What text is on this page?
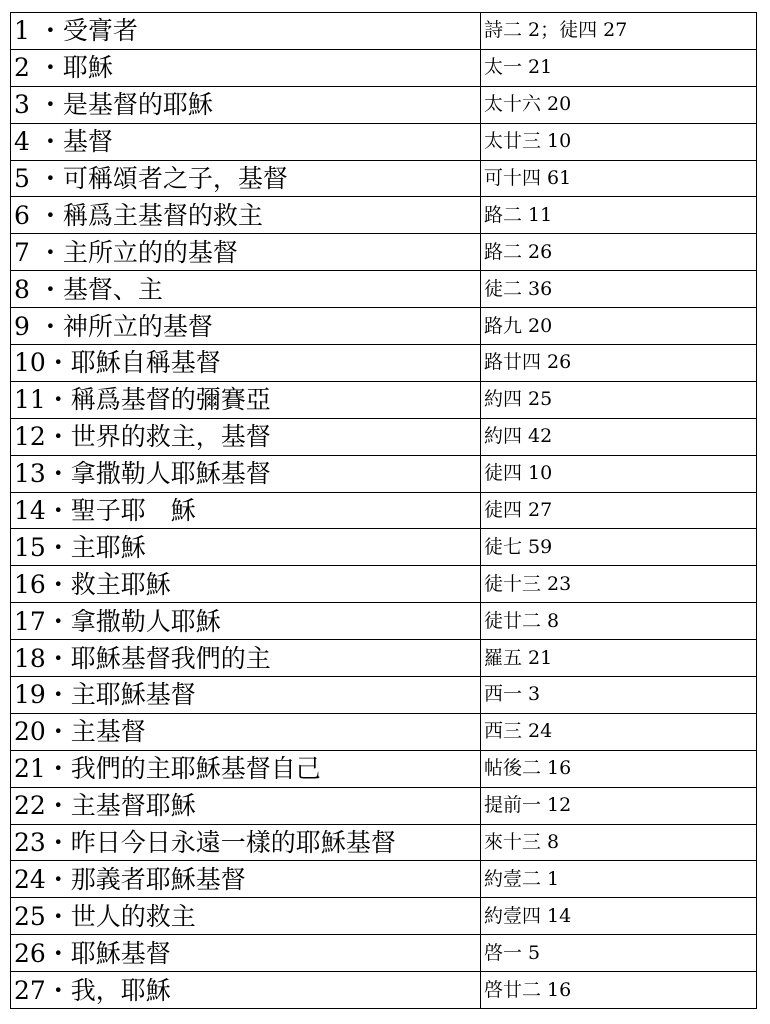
1 ・受膏者	詩二 2；徒四 27
2 ・耶穌	太一 21
3 ・是基督的耶穌	太十六 20
4 ・基督	太廿三 10
5 ・可稱頌者之子，基督	可十四 61
6 ・稱爲主基督的救主	路二 11
7 ・主所立的的基督	路二 26
8 ・基督、主	徒二 36
9 ・神所立的基督	路九 20
10・耶穌自稱基督	路廿四 26
11・稱爲基督的彌賽亞	約四 25
12・世界的救主，基督	約四 42
13・拿撒勒人耶穌基督	徒四 10
14・聖子耶　穌	徒四 27
15・主耶穌	徒七 59
16・救主耶穌	徒十三 23
17・拿撒勒人耶穌	徒廿二 8
18・耶穌基督我們的主	羅五 21
19・主耶穌基督	西一 3
20・主基督	西三 24
21・我們的主耶穌基督自己	帖後二 16
22・主基督耶穌	提前一 12
23・昨日今日永遠一樣的耶穌基督	來十三 8
24・那義者耶穌基督	約壹二 1
25・世人的救主	約壹四 14
26・耶穌基督	啓一 5
27・我，耶穌	啓廿二 16
